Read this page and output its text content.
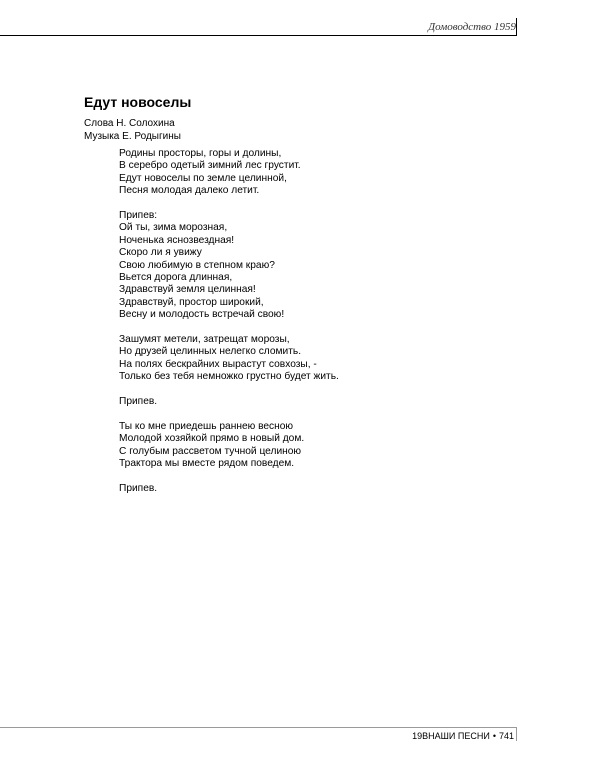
Домоводство 1959
Едут новоселы
Слова Н. Солохина
Музыка Е. Родыгины
Родины просторы, горы и долины,
В серебро одетый зимний лес грустит.
Едут новоселы по земле целинной,
Песня молодая далеко летит.
Припев:
Ой ты, зима морозная,
Ноченька яснозвездная!
Скоро ли я увижу
Свою любимую в степном краю?
Вьется дорога длинная,
Здравствуй земля целинная!
Здравствуй, простор широкий,
Весну и молодость встречай свою!
Зашумят метели, затрещат морозы,
Но друзей целинных нелегко сломить.
На полях бескрайних вырастут совхозы, -
Только без тебя немножко грустно будет жить.
Припев.
Ты ко мне приедешь раннею весною
Молодой хозяйкой прямо в новый дом.
С голубым рассветом тучной целиною
Трактора мы вместе рядом поведем.
Припев.
19ВНАШИ ПЕСНИ • 741
